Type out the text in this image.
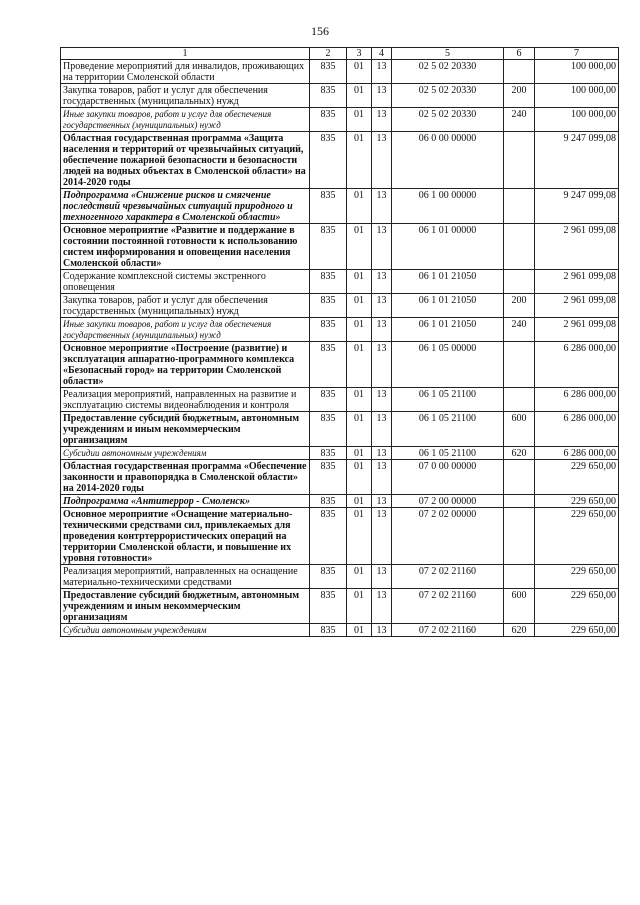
156
1	2	3	4	5	6	7
Проведение мероприятий для инвалидов, проживающих на территории Смоленской области	835	01	13	02 5 02 20330		100 000,00
Закупка товаров, работ и услуг для обеспечения государственных (муниципальных) нужд	835	01	13	02 5 02 20330	200	100 000,00
Иные закупки товаров, работ и услуг для обеспечения государственных (муниципальных) нужд	835	01	13	02 5 02 20330	240	100 000,00
Областная государственная программа «Защита населения и территорий от чрезвычайных ситуаций, обеспечение пожарной безопасности и безопасности людей на водных объектах в Смоленской области» на 2014-2020 годы	835	01	13	06 0 00 00000		9 247 099,08
Подпрограмма «Снижение рисков и смягчение последствий чрезвычайных ситуаций природного и техногенного характера в Смоленской области»	835	01	13	06 1 00 00000		9 247 099,08
Основное мероприятие «Развитие и поддержание в состоянии постоянной готовности к использованию систем информирования и оповещения населения Смоленской области»	835	01	13	06 1 01 00000		2 961 099,08
Содержание комплексной системы экстренного оповещения	835	01	13	06 1 01 21050		2 961 099,08
Закупка товаров, работ и услуг для обеспечения государственных (муниципальных) нужд	835	01	13	06 1 01 21050	200	2 961 099,08
Иные закупки товаров, работ и услуг для обеспечения государственных (муниципальных) нужд	835	01	13	06 1 01 21050	240	2 961 099,08
Основное мероприятие «Построение (развитие) и эксплуатация аппаратно-программного комплекса «Безопасный город» на территории Смоленской области»	835	01	13	06 1 05 00000		6 286 000,00
Реализация мероприятий, направленных на развитие и эксплуатацию системы видеонаблюдения и контроля	835	01	13	06 1 05 21100		6 286 000,00
Предоставление субсидий бюджетным, автономным учреждениям и иным некоммерческим организациям	835	01	13	06 1 05 21100	600	6 286 000,00
Субсидии автономным учреждениям	835	01	13	06 1 05 21100	620	6 286 000,00
Областная государственная программа «Обеспечение законности и правопорядка в Смоленской области» на 2014-2020 годы	835	01	13	07 0 00 00000		229 650,00
Подпрограмма «Антитеррор - Смоленск»	835	01	13	07 2 00 00000		229 650,00
Основное мероприятие «Оснащение материально-техническими средствами сил, привлекаемых для проведения контртеррористических операций на территории Смоленской области, и повышение их уровня готовности»	835	01	13	07 2 02 00000		229 650,00
Реализация мероприятий, направленных на оснащение материально-техническими средствами	835	01	13	07 2 02 21160		229 650,00
Предоставление субсидий бюджетным, автономным учреждениям и иным некоммерческим организациям	835	01	13	07 2 02 21160	600	229 650,00
Субсидии автономным учреждениям	835	01	13	07 2 02 21160	620	229 650,00
